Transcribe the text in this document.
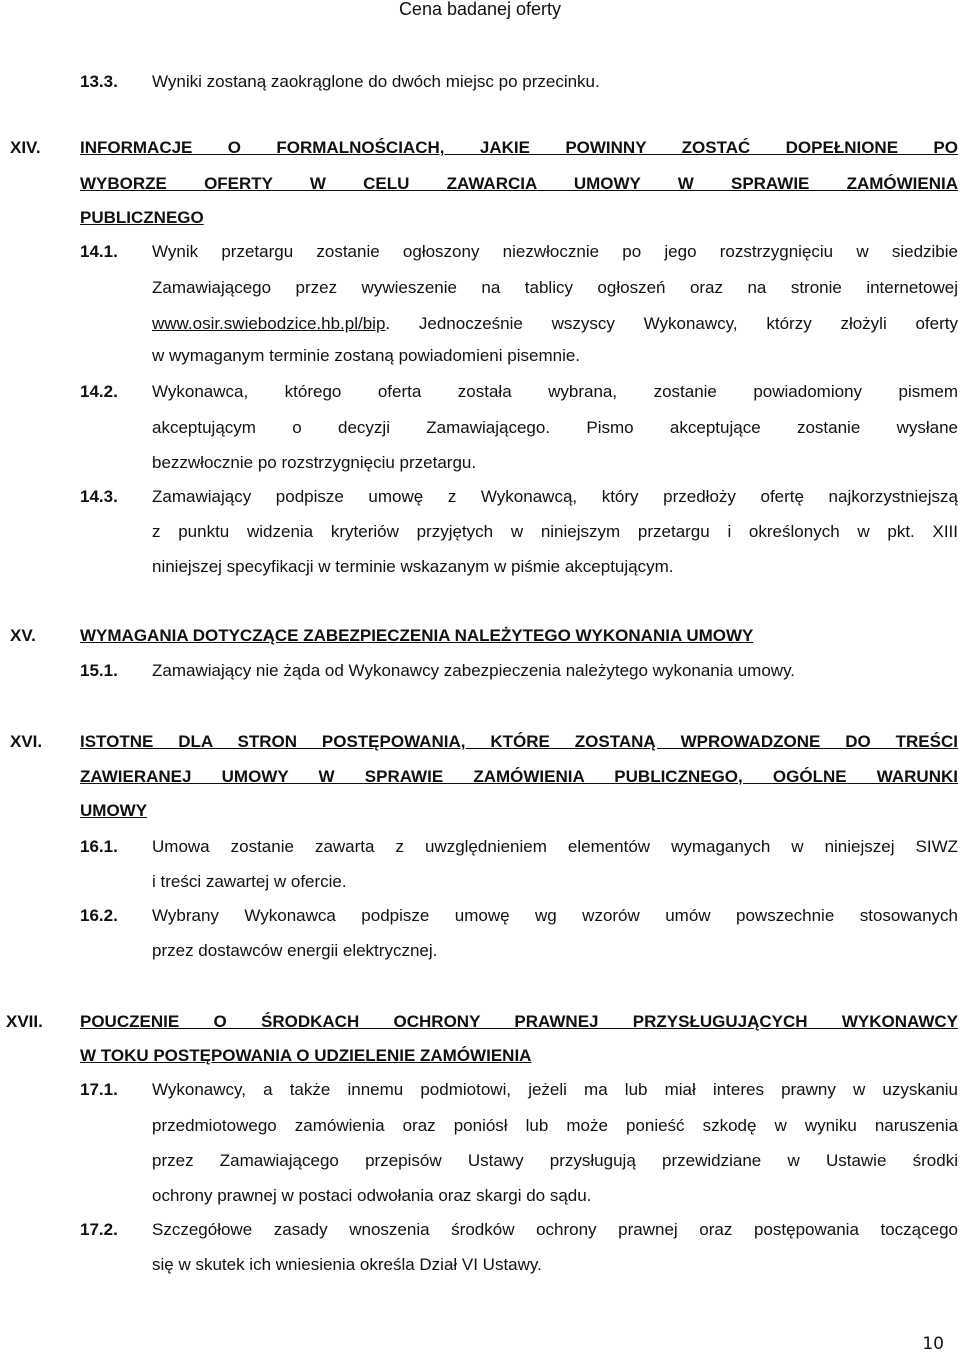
Cena badanej oferty
13.3. Wyniki zostaną zaokrąglone do dwóch miejsc po przecinku.
XIV. INFORMACJE O FORMALNOŚCIACH, JAKIE POWINNY ZOSTAĆ DOPEŁNIONE PO
WYBORZE OFERTY W CELU ZAWARCIA UMOWY W SPRAWIE ZAMÓWIENIA
PUBLICZNEGO
14.1. Wynik przetargu zostanie ogłoszony niezwłocznie po jego rozstrzygnięciu w siedzibie
Zamawiającego przez wywieszenie na tablicy ogłoszeń oraz na stronie internetowej
www.osir.swiebodzice.hb.pl/bip . Jednocześnie wszyscy Wykonawcy, którzy złożyli oferty
w wymaganym terminie zostaną powiadomieni pisemnie.
14.2. Wykonawca, którego oferta została wybrana, zostanie powiadomiony pismem
akceptującym o decyzji Zamawiającego. Pismo akceptujące zostanie wysłane
bezzwłocznie po rozstrzygnięciu przetargu.
14.3. Zamawiający podpisze umowę z Wykonawcą, który przedłoży ofertę najkorzystniejszą
z punktu widzenia kryteriów przyjętych w niniejszym przetargu i określonych w pkt. XIII
niniejszej specyfikacji w terminie wskazanym w piśmie akceptującym.
XV.	WYMAGANIA DOTYCZĄCE ZABEZPIECZENIA NALEŻYTEGO WYKONANIA UMOWY
15.1. Zamawiający nie żąda od Wykonawcy zabezpieczenia należytego wykonania umowy.
XVI. ISTOTNE DLA STRON POSTĘPOWANIA, KTÓRE ZOSTANĄ WPROWADZONE DO TREŚCI
ZAWIERANEJ UMOWY W SPRAWIE ZAMÓWIENIA PUBLICZNEGO, OGÓLNE WARUNKI
UMOWY
16.1. Umowa zostanie zawarta z uwzględnieniem elementów wymaganych w niniejszej SIWZ
i treści zawartej w ofercie.
16.2. Wybrany Wykonawca podpisze umowę wg wzorów umów powszechnie stosowanych
przez dostawców energii elektrycznej.
XVII. POUCZENIE O ŚRODKACH OCHRONY PRAWNEJ PRZYSŁUGUJĄCYCH WYKONAWCY
W TOKU POSTĘPOWANIA O UDZIELENIE ZAMÓWIENIA
17.1. Wykonawcy, a także innemu podmiotowi, jeżeli ma lub miał interes prawny w uzyskaniu
przedmiotowego zamówienia oraz poniósł lub może ponieść szkodę w wyniku naruszenia
przez Zamawiającego przepisów Ustawy przysługują przewidziane w Ustawie środki
ochrony prawnej w postaci odwołania oraz skargi do sądu.
17.2. Szczegółowe zasady wnoszenia środków ochrony prawnej oraz postępowania toczącego
się w skutek ich wniesienia określa Dział VI Ustawy.
10
